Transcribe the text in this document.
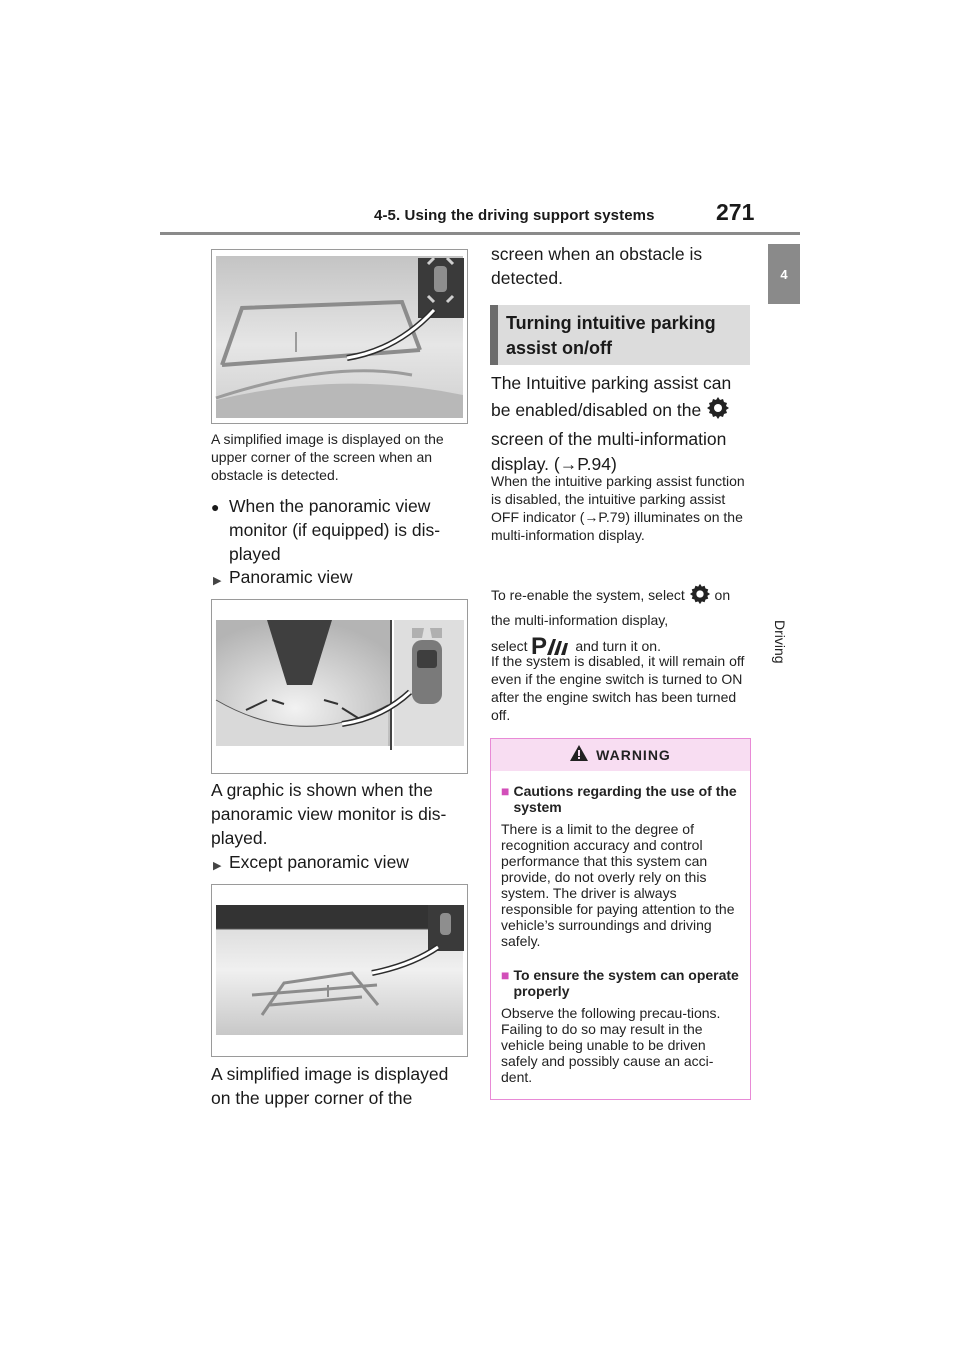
4-5. Using the driving support systems	271
4
Driving
A simplified image is displayed on the upper corner of the screen when an obstacle is detected.
● When the panoramic view monitor (if equipped) is dis-played
▶ Panoramic view
A graphic is shown when the panoramic view monitor is dis-played.
▶ Except panoramic view
A simplified image is displayed on the upper corner of the
screen when an obstacle is detected.
Turning intuitive parking assist on/off
The Intuitive parking assist can be enabled/disabled on the  screen of the multi-information display. (→P.94)
When the intuitive parking assist function is disabled, the intuitive parking assist OFF indicator (→P.79) illuminates on the multi-information display.
To re-enable the system, select on the multi-information display,
select P and turn it on.
If the system is disabled, it will remain off even if the engine switch is turned to ON after the engine switch has been turned off.
WARNING
■ Cautions regarding the use of the system
There is a limit to the degree of recognition accuracy and control performance that this system can provide, do not overly rely on this system. The driver is always responsible for paying attention to the vehicle’s surroundings and driving safely.
■ To ensure the system can operate properly
Observe the following precau-tions.
Failing to do so may result in the vehicle being unable to be driven safely and possibly cause an acci-dent.
